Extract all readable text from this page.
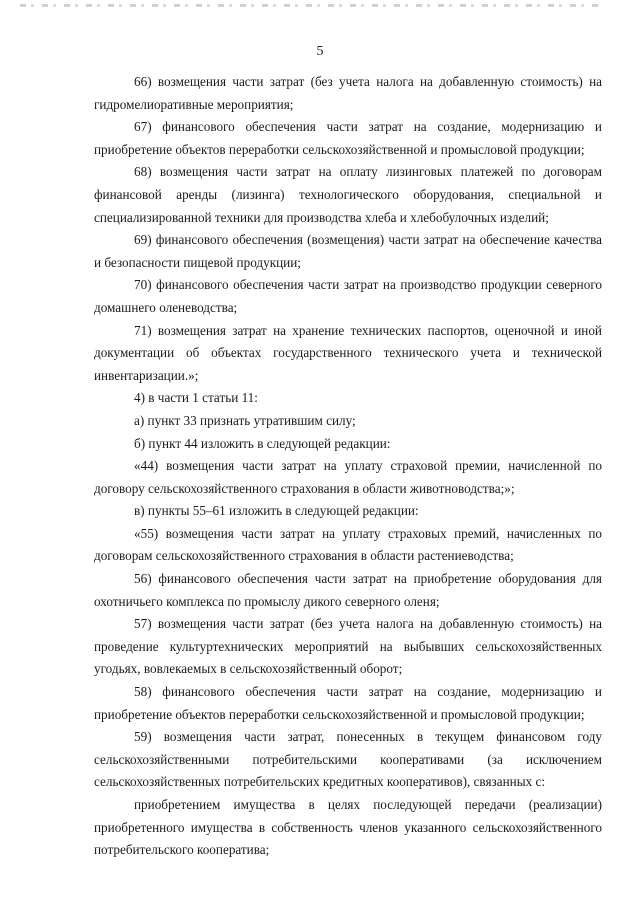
5

66) возмещения части затрат (без учета налога на добавленную стоимость) на гидромелиоративные мероприятия;

67) финансового обеспечения части затрат на создание, модернизацию и приобретение объектов переработки сельскохозяйственной и промысловой продукции;

68) возмещения части затрат на оплату лизинговых платежей по договорам финансовой аренды (лизинга) технологического оборудования, специальной и специализированной техники для производства хлеба и хлебобулочных изделий;

69) финансового обеспечения (возмещения) части затрат на обеспечение качества и безопасности пищевой продукции;

70) финансового обеспечения части затрат на производство продукции северного домашнего оленеводства;

71) возмещения затрат на хранение технических паспортов, оценочной и иной документации об объектах государственного технического учета и технической инвентаризации.»;

4) в части 1 статьи 11:

а) пункт 33 признать утратившим силу;

б) пункт 44 изложить в следующей редакции:

«44) возмещения части затрат на уплату страховой премии, начисленной по договору сельскохозяйственного страхования в области животноводства;»;

в) пункты 55–61 изложить в следующей редакции:

«55) возмещения части затрат на уплату страховых премий, начисленных по договорам сельскохозяйственного страхования в области растениеводства;

56) финансового обеспечения части затрат на приобретение оборудования для охотничьего комплекса по промыслу дикого северного оленя;

57) возмещения части затрат (без учета налога на добавленную стоимость) на проведение культуртехнических мероприятий на выбывших сельскохозяйственных угодьях, вовлекаемых в сельскохозяйственный оборот;

58) финансового обеспечения части затрат на создание, модернизацию и приобретение объектов переработки сельскохозяйственной и промысловой продукции;

59) возмещения части затрат, понесенных в текущем финансовом году сельскохозяйственными потребительскими кооперативами (за исключением сельскохозяйственных потребительских кредитных кооперативов), связанных с:

приобретением имущества в целях последующей передачи (реализации) приобретенного имущества в собственность членов указанного сельскохозяйственного потребительского кооператива;
